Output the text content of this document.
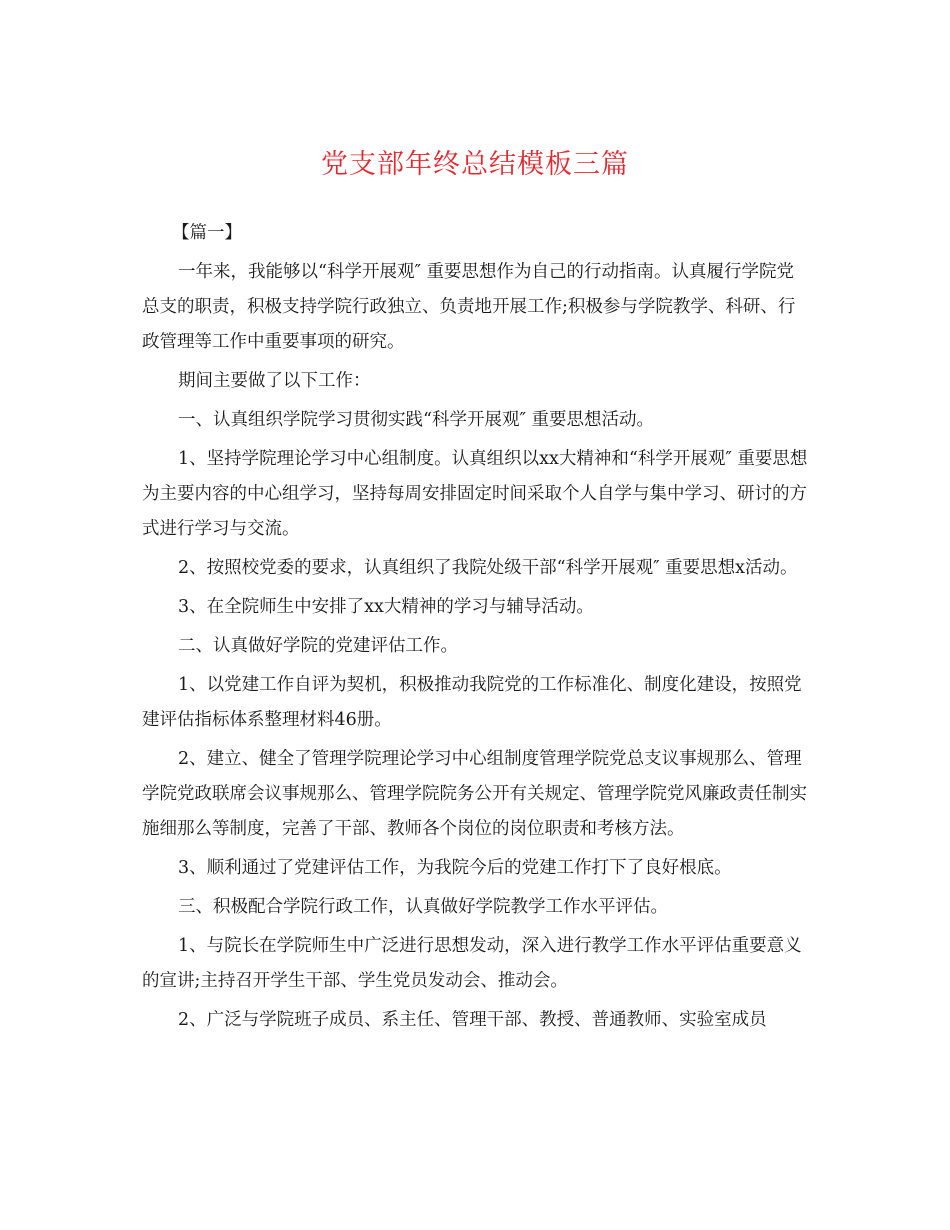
党支部年终总结模板三篇

【篇一】

一年来，我能够以“科学开展观″ 重要思想作为自己的行动指南。认真履行学院党总支的职责，积极支持学院行政独立、负责地开展工作;积极参与学院教学、科研、行政管理等工作中重要事项的研究。

期间主要做了以下工作：

一、认真组织学院学习贯彻实践“科学开展观″ 重要思想活动。

1、坚持学院理论学习中心组制度。认真组织以xx大精神和“科学开展观″ 重要思想为主要内容的中心组学习，坚持每周安排固定时间采取个人自学与集中学习、研讨的方式进行学习与交流。

2、按照校党委的要求，认真组织了我院处级干部“科学开展观″ 重要思想x活动。

3、在全院师生中安排了xx大精神的学习与辅导活动。

二、认真做好学院的党建评估工作。

1、以党建工作自评为契机，积极推动我院党的工作标准化、制度化建设，按照党建评估指标体系整理材料46册。

2、建立、健全了管理学院理论学习中心组制度管理学院党总支议事规那么、管理学院党政联席会议事规那么、管理学院院务公开有关规定、管理学院党风廉政责任制实施细那么等制度，完善了干部、教师各个岗位的岗位职责和考核方法。

3、顺利通过了党建评估工作，为我院今后的党建工作打下了良好根底。

三、积极配合学院行政工作，认真做好学院教学工作水平评估。

1、与院长在学院师生中广泛进行思想发动，深入进行教学工作水平评估重要意义的宣讲;主持召开学生干部、学生党员发动会、推动会。

2、广泛与学院班子成员、系主任、管理干部、教授、普通教师、实验室成员
